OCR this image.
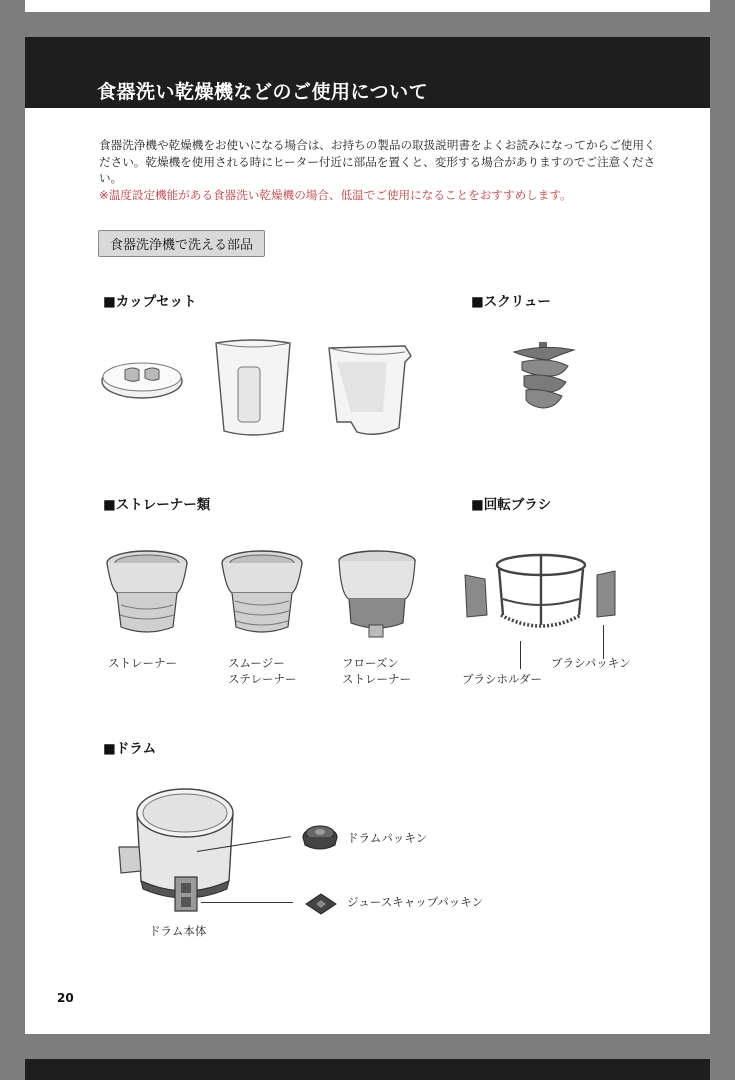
食器洗い乾燥機などのご使用について

食器洗浄機や乾燥機をお使いになる場合は、お持ちの製品の取扱説明書をよくお読みになってからご使用ください。乾燥機を使用される時にヒーター付近に部品を置くと、変形する場合がありますのでご注意ください。

※温度設定機能がある食器洗い乾燥機の場合、低温でご使用になることをおすすめします。

食器洗浄機で洗える部品
■カップセット	■スクリュー
■ストレーナー類
ストレーナー	スムージー
ステレーナー
フローズン
ストレーナー
■回転ブラシ
ブラシパッキン
ブラシホルダー
■ドラム
ドラムパッキン
ジュースキャップパッキン
ドラム本体
20
